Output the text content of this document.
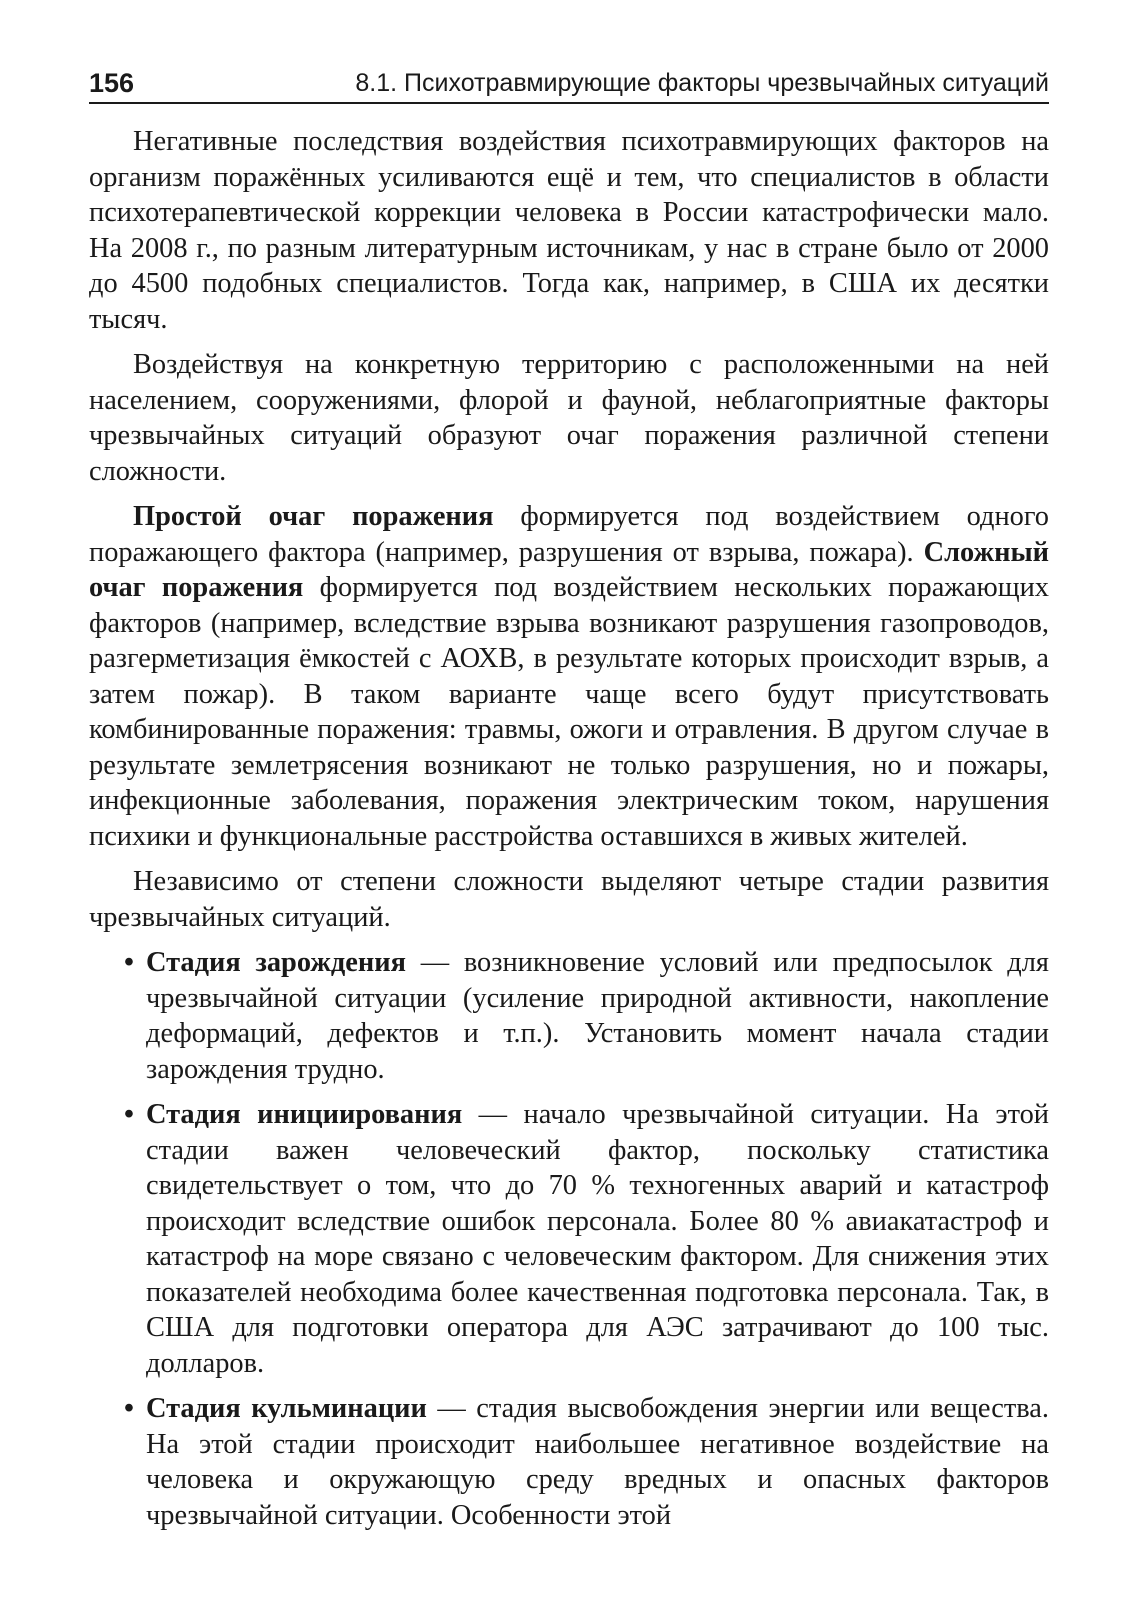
156	8.1. Психотравмирующие факторы чрезвычайных ситуаций

Негативные последствия воздействия психотравмирующих факторов на организм поражённых усиливаются ещё и тем, что специалистов в области психотерапевтической коррекции человека в России катастрофически мало. На 2008 г., по разным литературным источникам, у нас в стране было от 2000 до 4500 подобных специалистов. Тогда как, например, в США их десятки тысяч.

Воздействуя на конкретную территорию с расположенными на ней населением, сооружениями, флорой и фауной, неблагоприятные факторы чрезвычайных ситуаций образуют очаг поражения различной степени сложности.

Простой очаг поражения формируется под воздействием одного поражающего фактора (например, разрушения от взрыва, пожара). Сложный очаг поражения формируется под воздействием нескольких поражающих факторов (например, вследствие взрыва возникают разрушения газопроводов, разгерметизация ёмкостей с АОХВ, в результате которых происходит взрыв, а затем пожар). В таком варианте чаще всего будут присутствовать комбинированные поражения: травмы, ожоги и отравления. В другом случае в результате землетрясения возникают не только разрушения, но и пожары, инфекционные заболевания, поражения электрическим током, нарушения психики и функциональные расстройства оставшихся в живых жителей.

Независимо от степени сложности выделяют четыре стадии развития чрезвычайных ситуаций.

• Стадия зарождения — возникновение условий или предпосылок для чрезвычайной ситуации (усиление природной активности, накопление деформаций, дефектов и т.п.). Установить момент начала стадии зарождения трудно.
• Стадия инициирования — начало чрезвычайной ситуации. На этой стадии важен человеческий фактор, поскольку статистика свидетельствует о том, что до 70 % техногенных аварий и катастроф происходит вследствие ошибок персонала. Более 80 % авиакатастроф и катастроф на море связано с человеческим фактором. Для снижения этих показателей необходима более качественная подготовка персонала. Так, в США для подготовки оператора для АЭС затрачивают до 100 тыс. долларов.
• Стадия кульминации — стадия высвобождения энергии или вещества. На этой стадии происходит наибольшее негативное воздействие на человека и окружающую среду вредных и опасных факторов чрезвычайной ситуации. Особенности этой
